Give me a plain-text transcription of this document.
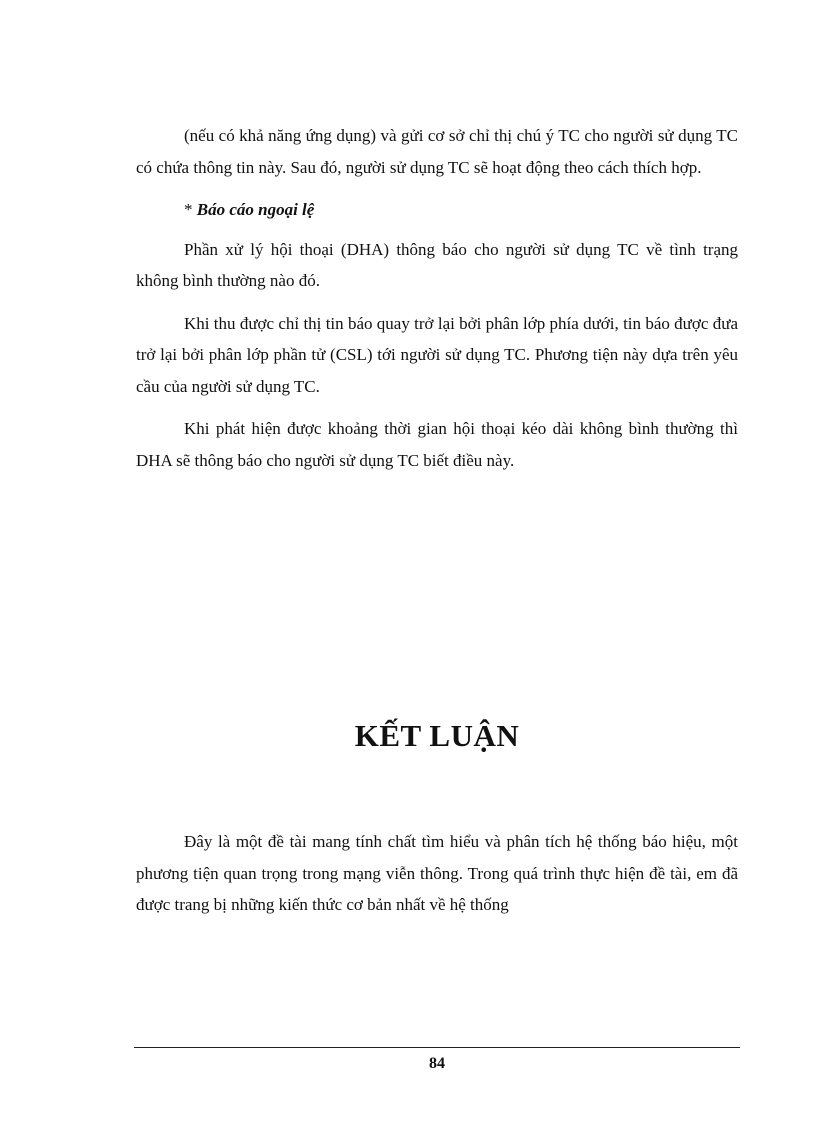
(nếu có khả năng ứng dụng) và gửi cơ sở chỉ thị chú ý TC cho người sử dụng TC có chứa thông tin này. Sau đó, người sử dụng TC sẽ hoạt động theo cách thích hợp.

* Báo cáo ngoại lệ

Phần xử lý hội thoại (DHA) thông báo cho người sử dụng TC về tình trạng không bình thường nào đó.

Khi thu được chỉ thị tin báo quay trở lại bởi phân lớp phía dưới, tin báo được đưa trở lại bởi phân lớp phần tử (CSL) tới người sử dụng TC. Phương tiện này dựa trên yêu cầu của người sử dụng TC.

Khi phát hiện được khoảng thời gian hội thoại kéo dài không bình thường thì DHA sẽ thông báo cho người sử dụng TC biết điều này.

KẾT LUẬN

Đây là một đề tài mang tính chất tìm hiểu và phân tích hệ thống báo hiệu, một phương tiện quan trọng trong mạng viễn thông. Trong quá trình thực hiện đề tài, em đã được trang bị những kiến thức cơ bản nhất về hệ thống

84
